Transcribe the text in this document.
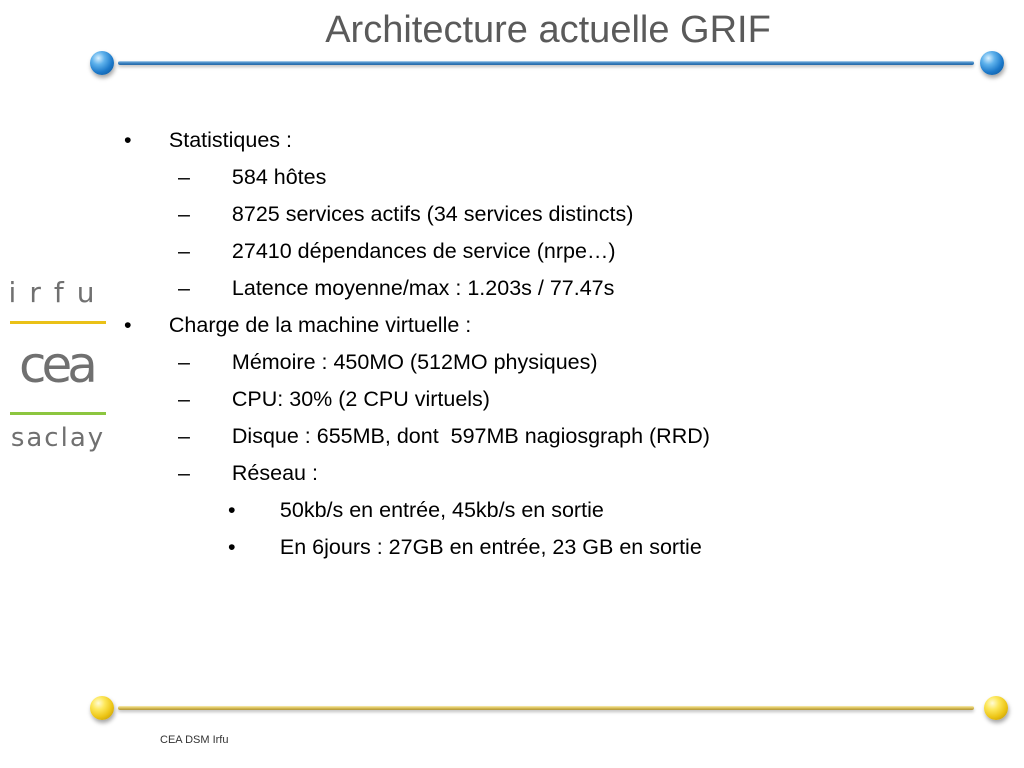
Architecture actuelle GRIF

• Statistiques :

– 584 hôtes

– 8725 services actifs (34 services distincts)

– 27410 dépendances de service (nrpe…)

– Latence moyenne/max : 1.203s / 77.47s

• Charge de la machine virtuelle :

– Mémoire : 450MO (512MO physiques)

– CPU: 30% (2 CPU virtuels)

– Disque : 655MB, dont  597MB nagiosgraph (RRD)

– Réseau :

• 50kb/s en entrée, 45kb/s en sortie

• En 6jours : 27GB en entrée, 23 GB en sortie

irfu
cea
saclay
CEA DSM Irfu
